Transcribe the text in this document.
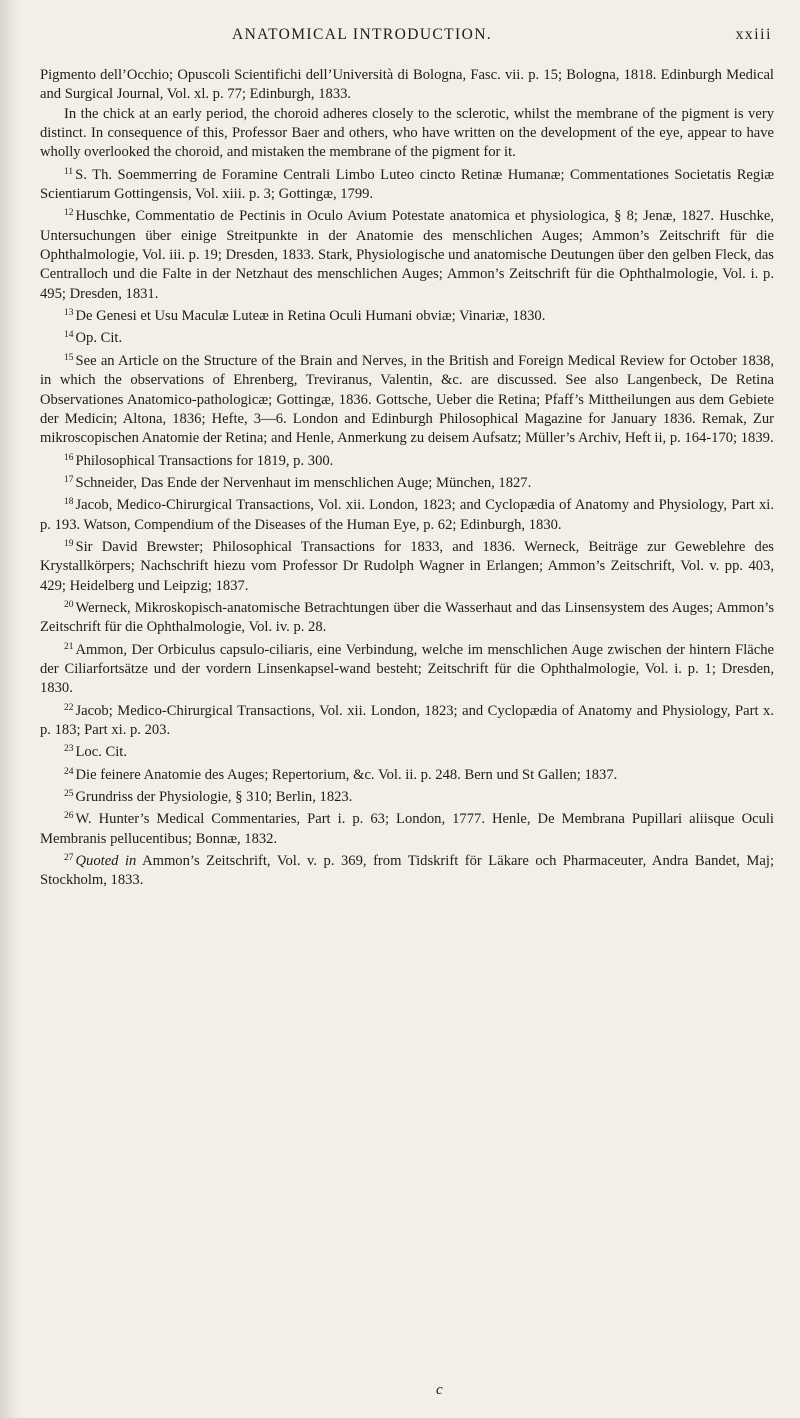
ANATOMICAL INTRODUCTION.	xxiii

Pigmento dell’Occhio; Opuscoli Scientifichi dell’Università di Bologna, Fasc. vii. p. 15; Bologna, 1818. Edinburgh Medical and Surgical Journal, Vol. xl. p. 77; Edinburgh, 1833.

In the chick at an early period, the choroid adheres closely to the sclerotic, whilst the membrane of the pigment is very distinct. In consequence of this, Professor Baer and others, who have written on the development of the eye, appear to have wholly overlooked the choroid, and mistaken the membrane of the pigment for it.

$^{11}$ S. Th. Soemmerring de Foramine Centrali Limbo Luteo cincto Retinæ Humanæ; Commentationes Societatis Regiæ Scientiarum Gottingensis, Vol. xiii. p. 3; Gottingæ, 1799.

$^{12}$ Huschke, Commentatio de Pectinis in Oculo Avium Potestate anatomica et physiologica, § 8; Jenæ, 1827. Huschke, Untersuchungen über einige Streitpunkte in der Anatomie des menschlichen Auges; Ammon’s Zeitschrift für die Ophthalmologie, Vol. iii. p. 19; Dresden, 1833. Stark, Physiologische und anatomische Deutungen über den gelben Fleck, das Centralloch und die Falte in der Netzhaut des menschlichen Auges; Ammon’s Zeitschrift für die Ophthalmologie, Vol. i. p. 495; Dresden, 1831.

$^{13}$ De Genesi et Usu Maculæ Luteæ in Retina Oculi Humani obviæ; Vinariæ, 1830.

$^{14}$ Op. Cit.

$^{15}$ See an Article on the Structure of the Brain and Nerves, in the British and Foreign Medical Review for October 1838, in which the observations of Ehrenberg, Treviranus, Valentin, &c. are discussed. See also Langenbeck, De Retina Observationes Anatomico-pathologicæ; Gottingæ, 1836. Gottsche, Ueber die Retina; Pfaff’s Mittheilungen aus dem Gebiete der Medicin; Altona, 1836; Hefte, 3—6. London and Edinburgh Philosophical Magazine for January 1836. Remak, Zur mikroscopischen Anatomie der Retina; and Henle, Anmerkung zu deisem Aufsatz; Müller’s Archiv, Heft ii, p. 164-170; 1839.

$^{16}$ Philosophical Transactions for 1819, p. 300.

$^{17}$ Schneider, Das Ende der Nervenhaut im menschlichen Auge; München, 1827.

$^{18}$ Jacob, Medico-Chirurgical Transactions, Vol. xii. London, 1823; and Cyclopædia of Anatomy and Physiology, Part xi. p. 193. Watson, Compendium of the Diseases of the Human Eye, p. 62; Edinburgh, 1830.

$^{19}$ Sir David Brewster; Philosophical Transactions for 1833, and 1836. Werneck, Beiträge zur Geweblehre des Krystallkörpers; Nachschrift hiezu vom Professor Dr Rudolph Wagner in Erlangen; Ammon’s Zeitschrift, Vol. v. pp. 403, 429; Heidelberg und Leipzig; 1837.

$^{20}$ Werneck, Mikroskopisch-anatomische Betrachtungen über die Wasserhaut and das Linsensystem des Auges; Ammon’s Zeitschrift für die Ophthalmologie, Vol. iv. p. 28.

$^{21}$ Ammon, Der Orbiculus capsulo-ciliaris, eine Verbindung, welche im menschlichen Auge zwischen der hintern Fläche der Ciliarfortsätze und der vordern Linsenkapsel-wand besteht; Zeitschrift für die Ophthalmologie, Vol. i. p. 1; Dresden, 1830.

$^{22}$ Jacob; Medico-Chirurgical Transactions, Vol. xii. London, 1823; and Cyclopædia of Anatomy and Physiology, Part x. p. 183; Part xi. p. 203.

$^{23}$ Loc. Cit.

$^{24}$ Die feinere Anatomie des Auges; Repertorium, &c. Vol. ii. p. 248. Bern und St Gallen; 1837.

$^{25}$ Grundriss der Physiologie, § 310; Berlin, 1823.

$^{26}$ W. Hunter’s Medical Commentaries, Part i. p. 63; London, 1777. Henle, De Membrana Pupillari aliisque Oculi Membranis pellucentibus; Bonnæ, 1832.

$^{27}$ Quoted in Ammon’s Zeitschrift, Vol. v. p. 369, from Tidskrift för Läkare och Pharmaceuter, Andra Bandet, Maj; Stockholm, 1833.

c
